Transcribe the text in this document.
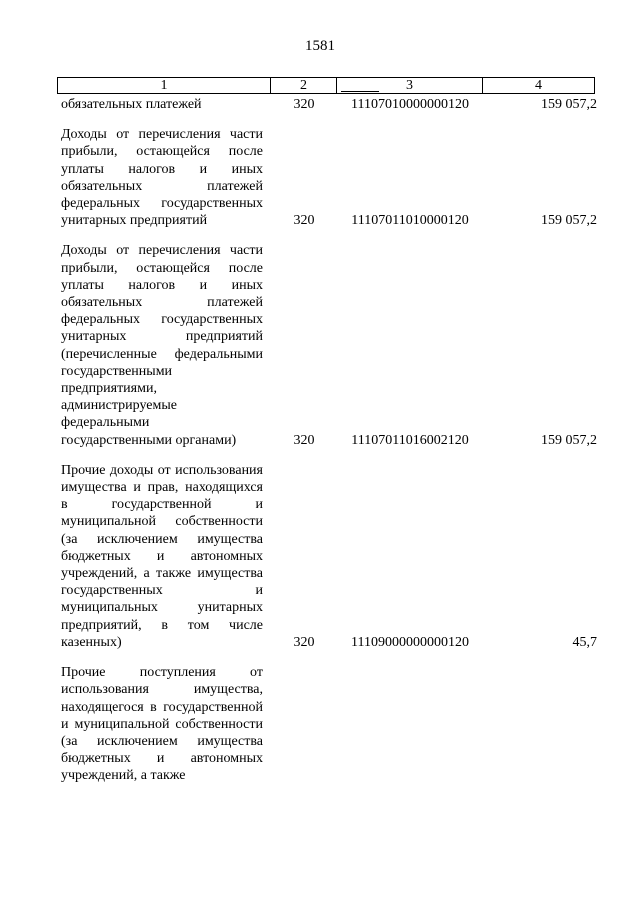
1581
1	2	3	4
обязательных платежей	320	11107010000000120	159 057,2
Доходы от перечисления части прибыли, остающейся после уплаты налогов и иных обязательных платежей федеральных государственных унитарных предприятий	320	11107011010000120	159 057,2
Доходы от перечисления части прибыли, остающейся после уплаты налогов и иных обязательных платежей федеральных государственных унитарных предприятий (перечисленные федеральными государственными предприятиями, администрируемые федеральными государственными органами)	320	11107011016002120	159 057,2
Прочие доходы от использования имущества и прав, находящихся в государственной и муниципальной собственности (за исключением имущества бюджетных и автономных учреждений, а также имущества государственных и муниципальных унитарных предприятий, в том числе казенных)	320	11109000000000120	45,7
Прочие поступления от использования имущества, находящегося в государственной и муниципальной собственности (за исключением имущества бюджетных и автономных учреждений, а также
